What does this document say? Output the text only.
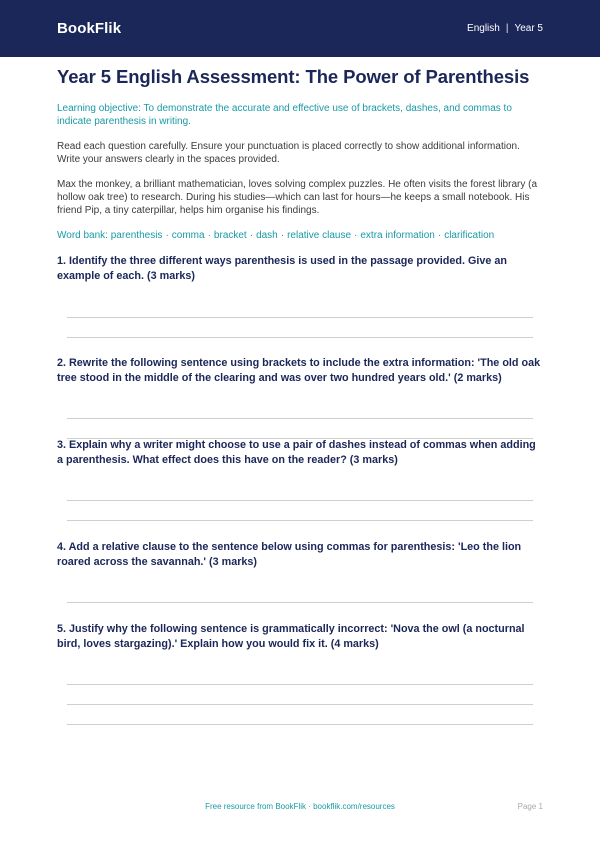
BookFlik	English | Year 5
Year 5 English Assessment: The Power of Parenthesis

Learning objective: To demonstrate the accurate and effective use of brackets, dashes, and commas to indicate parenthesis in writing.

Read each question carefully. Ensure your punctuation is placed correctly to show additional information. Write your answers clearly in the spaces provided.

Max the monkey, a brilliant mathematician, loves solving complex puzzles. He often visits the forest library (a hollow oak tree) to research. During his studies—which can last for hours—he keeps a small notebook. His friend Pip, a tiny caterpillar, helps him organise his findings.

Word bank: parenthesis · comma · bracket · dash · relative clause · extra information · clarification

1. Identify the three different ways parenthesis is used in the passage provided. Give an example of each. (3 marks)

2. Rewrite the following sentence using brackets to include the extra information: 'The old oak tree stood in the middle of the clearing and was over two hundred years old.' (2 marks)

3. Explain why a writer might choose to use a pair of dashes instead of commas when adding a parenthesis. What effect does this have on the reader? (3 marks)

4. Add a relative clause to the sentence below using commas for parenthesis: 'Leo the lion roared across the savannah.' (3 marks)

5. Justify why the following sentence is grammatically incorrect: 'Nova the owl (a nocturnal bird, loves stargazing).' Explain how you would fix it. (4 marks)

Free resource from BookFlik · bookflik.com/resources	Page 1
